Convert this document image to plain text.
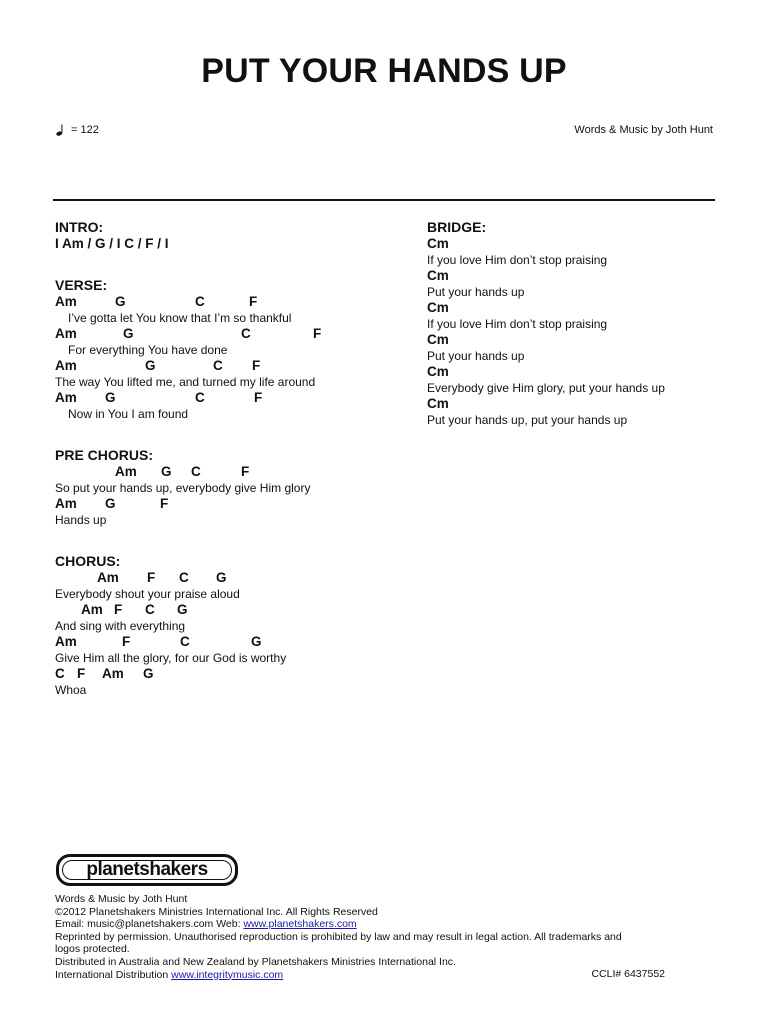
PUT YOUR HANDS UP
= 122	Words & Music by Joth Hunt
INTRO:
I Am / G / I C / F / I
VERSE:
Am	G	C	F
I’ve gotta let You know that I’m so thankful
Am	G	C	F
For everything You have done
Am	G	C F
The way You lifted me, and turned my life around
Am G	C	F
Now in You I am found
PRE CHORUS:
Am G C	F
So put your hands up, everybody give Him glory
Am G	F
Hands up
CHORUS:
Am F C G
Everybody shout your praise aloud
Am F C G
And sing with everything
Am	F	C	G
Give Him all the glory, for our God is worthy
C F Am G
Whoa
BRIDGE:
Cm
If you love Him don’t stop praising
Cm
Put your hands up
Cm
If you love Him don’t stop praising
Cm
Put your hands up
Cm
Everybody give Him glory, put your hands up
Cm
Put your hands up, put your hands up
planetshakers
Words & Music by Joth Hunt
©2012 Planetshakers Ministries International Inc. All Rights Reserved
Email: music@planetshakers.com Web: www.planetshakers.com
Reprinted by permission. Unauthorised reproduction is prohibited by law and may result in legal action. All trademarks and
logos protected.
Distributed in Australia and New Zealand by Planetshakers Ministries International Inc.
International Distribution www.integritymusic.com	CCLI# 6437552
